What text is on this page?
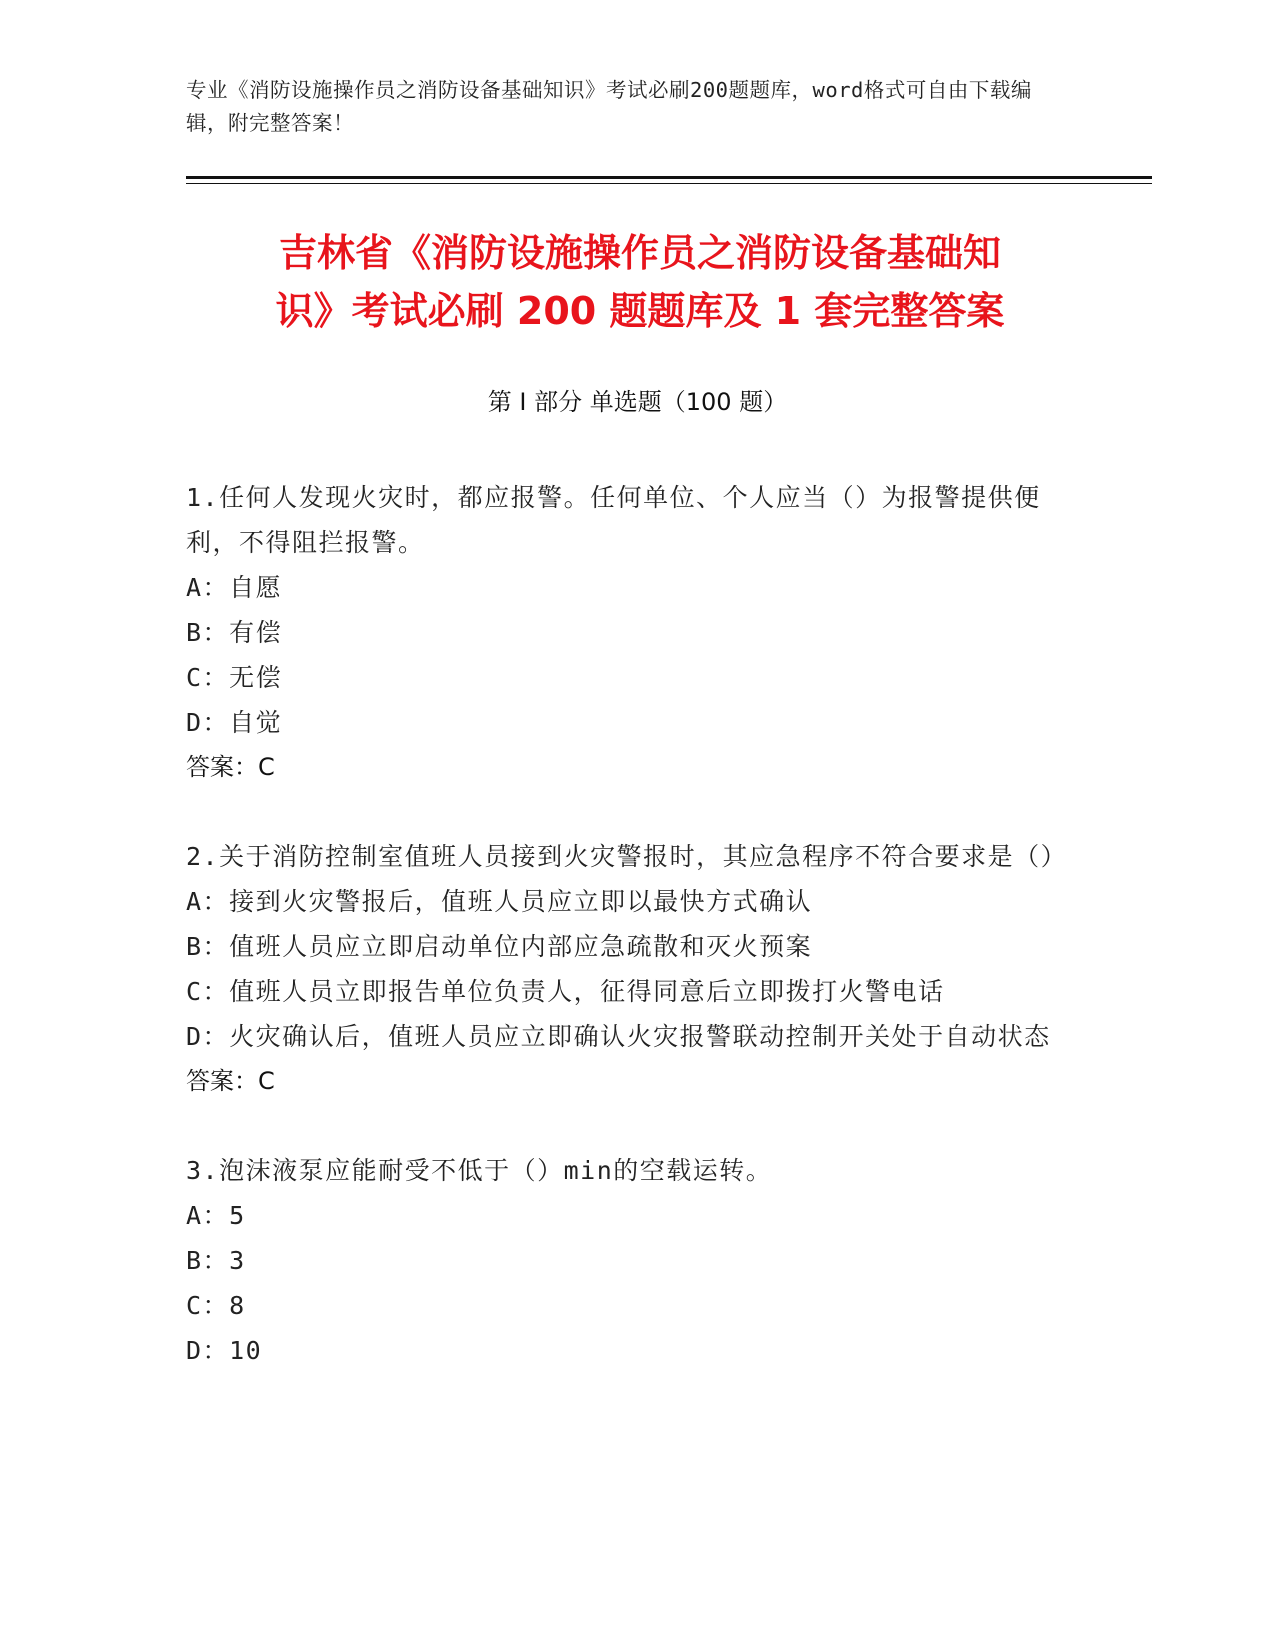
专业《消防设施操作员之消防设备基础知识》考试必刷200题题库，word格式可自由下载编辑，附完整答案！
吉林省《消防设施操作员之消防设备基础知
识》考试必刷 200 题题库及 1 套完整答案
第 I 部分 单选题（100 题）
1.任何人发现火灾时，都应报警。任何单位、个人应当（）为报警提供便利，不得阻拦报警。
A： 自愿
B： 有偿
C： 无偿
D： 自觉
答案：C
2.关于消防控制室值班人员接到火灾警报时，其应急程序不符合要求是（）
A： 接到火灾警报后，值班人员应立即以最快方式确认
B： 值班人员应立即启动单位内部应急疏散和灭火预案
C： 值班人员立即报告单位负责人，征得同意后立即拨打火警电话
D： 火灾确认后，值班人员应立即确认火灾报警联动控制开关处于自动状态
答案：C
3.泡沫液泵应能耐受不低于（）min的空载运转。
A： 5
B： 3
C： 8
D： 10
